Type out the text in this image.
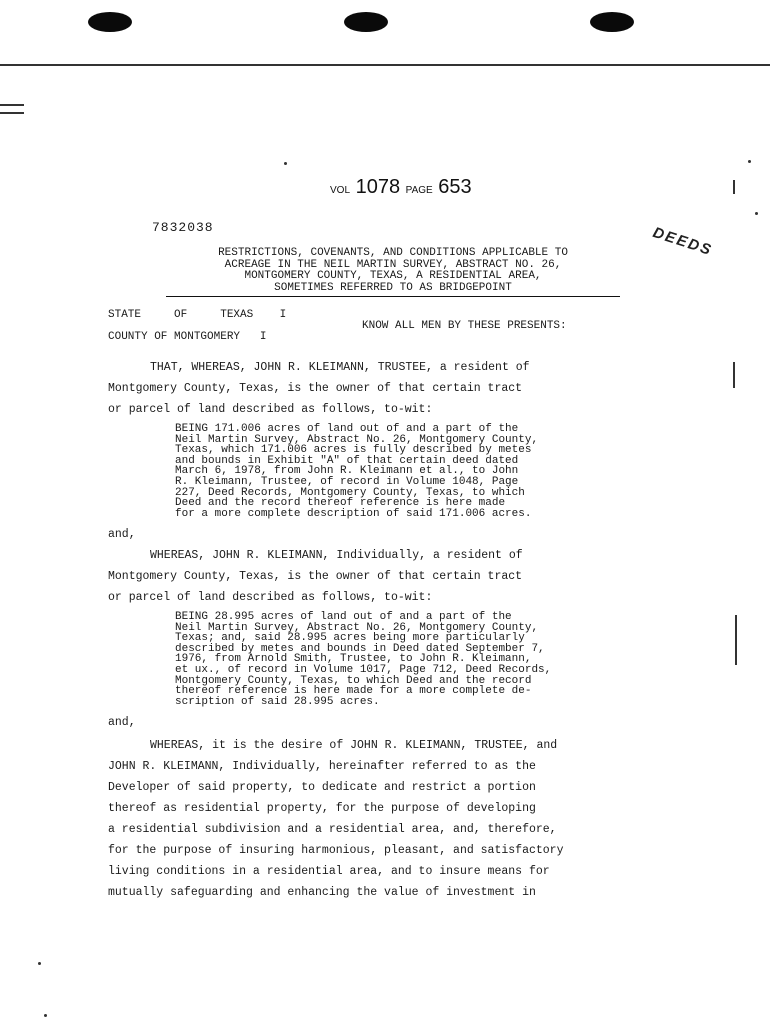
VOL 1078 PAGE 653
7832038	DEEDS
RESTRICTIONS, COVENANTS, AND CONDITIONS APPLICABLE TO
ACREAGE IN THE NEIL MARTIN SURVEY, ABSTRACT NO. 26,
MONTGOMERY COUNTY, TEXAS, A RESIDENTIAL AREA,
SOMETIMES REFERRED TO AS BRIDGEPOINT
STATE     OF     TEXAS    I
COUNTY OF MONTGOMERY   I
KNOW ALL MEN BY THESE PRESENTS:
THAT, WHEREAS, JOHN R. KLEIMANN, TRUSTEE, a resident of
Montgomery County, Texas, is the owner of that certain tract
or parcel of land described as follows, to-wit:
BEING 171.006 acres of land out of and a part of the
Neil Martin Survey, Abstract No. 26, Montgomery County,
Texas, which 171.006 acres is fully described by metes
and bounds in Exhibit "A" of that certain deed dated
March 6, 1978, from John R. Kleimann et al., to John
R. Kleimann, Trustee, of record in Volume 1048, Page
227, Deed Records, Montgomery County, Texas, to which
Deed and the record thereof reference is here made
for a more complete description of said 171.006 acres.
and,
WHEREAS, JOHN R. KLEIMANN, Individually, a resident of
Montgomery County, Texas, is the owner of that certain tract
or parcel of land described as follows, to-wit:
BEING 28.995 acres of land out of and a part of the
Neil Martin Survey, Abstract No. 26, Montgomery County,
Texas; and, said 28.995 acres being more particularly
described by metes and bounds in Deed dated September 7,
1976, from Arnold Smith, Trustee, to John R. Kleimann,
et ux., of record in Volume 1017, Page 712, Deed Records,
Montgomery County, Texas, to which Deed and the record
thereof reference is here made for a more complete de-
scription of said 28.995 acres.
and,
WHEREAS, it is the desire of JOHN R. KLEIMANN, TRUSTEE, and
JOHN R. KLEIMANN, Individually, hereinafter referred to as the
Developer of said property, to dedicate and restrict a portion
thereof as residential property, for the purpose of developing
a residential subdivision and a residential area, and, therefore,
for the purpose of insuring harmonious, pleasant, and satisfactory
living conditions in a residential area, and to insure means for
mutually safeguarding and enhancing the value of investment in
